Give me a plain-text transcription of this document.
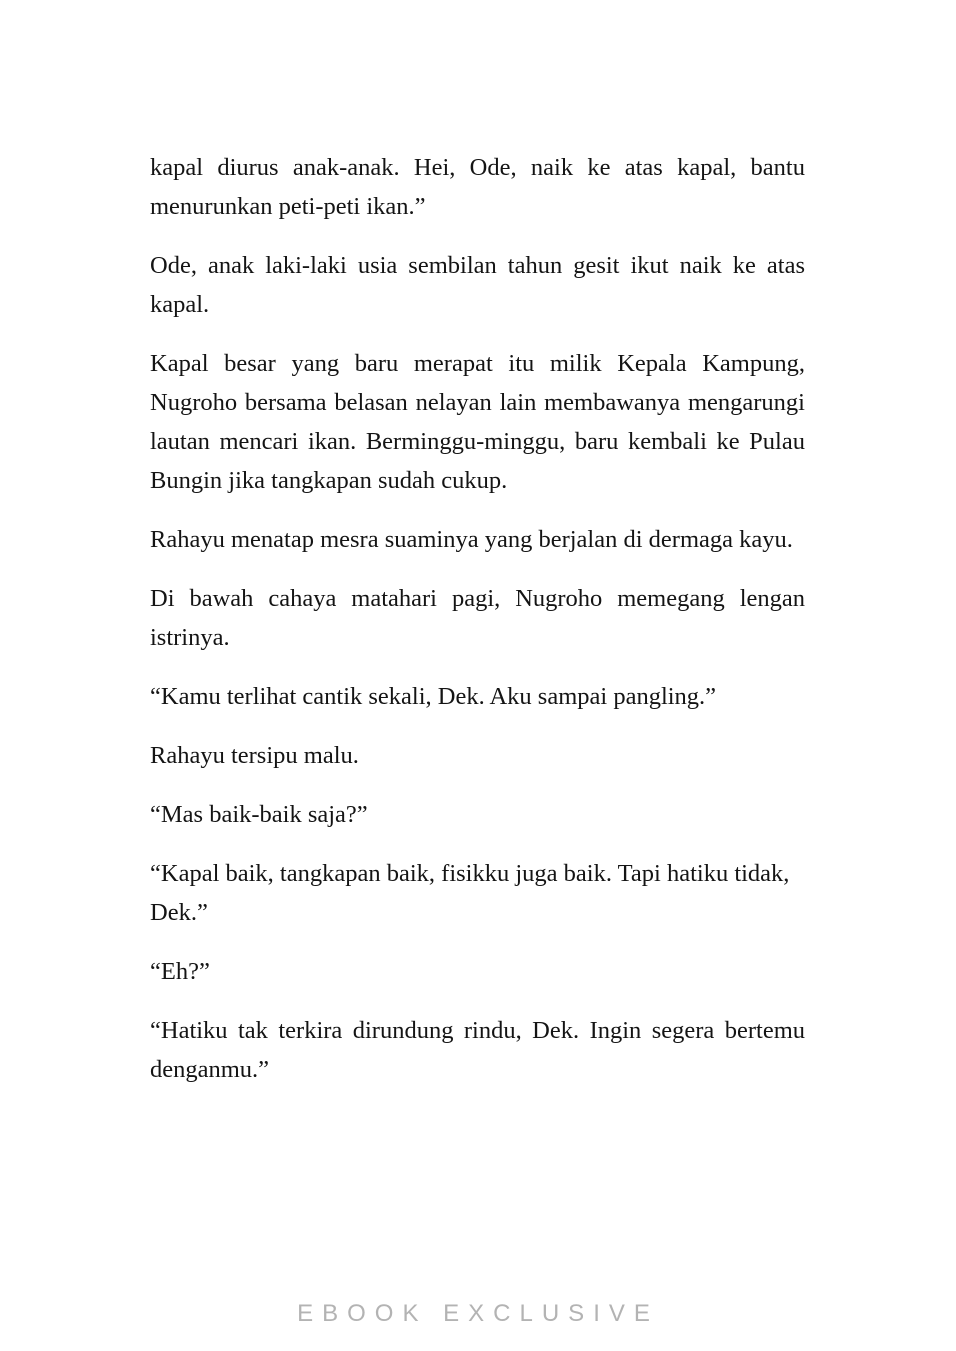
kapal diurus anak-anak. Hei, Ode, naik ke atas kapal, bantu menurunkan peti-peti ikan.”

Ode, anak laki-laki usia sembilan tahun gesit ikut naik ke atas kapal.

Kapal besar yang baru merapat itu milik Kepala Kampung, Nugroho bersama belasan nelayan lain membawanya mengarungi lautan mencari ikan. Berminggu-minggu, baru kembali ke Pulau Bungin jika tangkapan sudah cukup.

Rahayu menatap mesra suaminya yang berjalan di dermaga kayu.

Di bawah cahaya matahari pagi, Nugroho memegang lengan istrinya.

“Kamu terlihat cantik sekali, Dek. Aku sampai pangling.”

Rahayu tersipu malu.

“Mas baik-baik saja?”

“Kapal baik, tangkapan baik, fisikku juga baik. Tapi hatiku tidak, Dek.”

“Eh?”

“Hatiku tak terkira dirundung rindu, Dek. Ingin segera bertemu denganmu.”

EBOOK EXCLUSIVE
